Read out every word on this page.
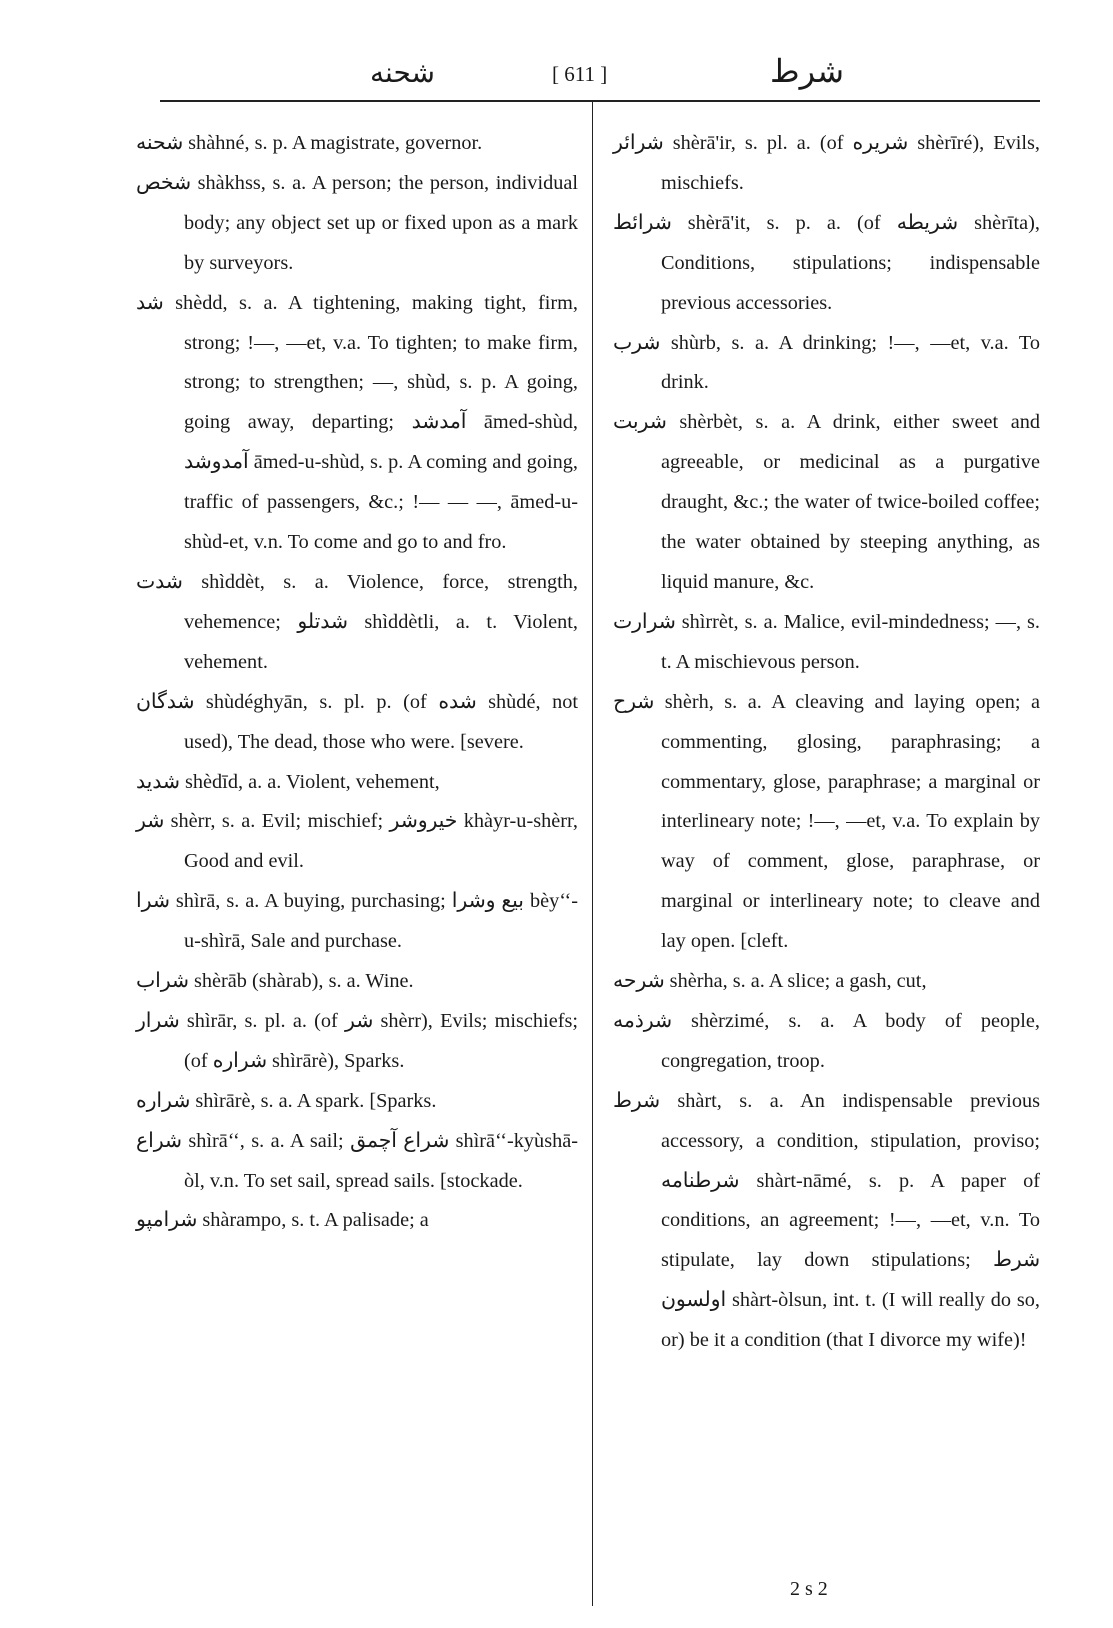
شحنه	[ 611 ]	شرط

شحنه shàhné, s. p. A magistrate, governor.

شخص shàkhss, s. a. A person; the person, individual body; any object set up or fixed upon as a mark by surveyors.

شد shèdd, s. a. A tightening, making tight, firm, strong; !—, —et, v.a. To tighten; to make firm, strong; to strengthen; —, shùd, s. p. A going, going away, departing; آمدشد āmed-shùd, آمدوشد āmed-u-shùd, s. p. A coming and going, traffic of passengers, &c.; !— — —, āmed-u-shùd-et, v.n. To come and go to and fro.

شدت shìddèt, s. a. Violence, force, strength, vehemence; شدتلو shìddètli, a. t. Violent, vehement.

شدگان shùdéghyān, s. pl. p. (of شده shùdé, not used), The dead, those who were. [severe.

شدید shèdīd, a. a. Violent, vehement,

شر shèrr, s. a. Evil; mischief; خیروشر khàyr-u-shèrr, Good and evil.

شرا shìrā, s. a. A buying, purchasing; بیع وشرا bèy‘‘-u-shìrā, Sale and purchase.

شراب shèrāb (shàrab), s. a. Wine.

شرار shìrār, s. pl. a. (of شر shèrr), Evils; mischiefs; (of شراره shìrārè), Sparks.

شراره shìrārè, s. a. A spark. [Sparks.

شراع shìrā‘‘, s. a. A sail; شراع آچمق shìrā‘‘-kyùshā-òl, v.n. To set sail, spread sails. [stockade.

شرامپو shàrampo, s. t. A palisade; a

شرائر shèrā'ir, s. pl. a. (of شریره shèrīré), Evils, mischiefs.

شرائط shèrā'it, s. p. a. (of شریطه shèrīta), Conditions, stipulations; indispensable previous accessories.

شرب shùrb, s. a. A drinking; !—, —et, v.a. To drink.

شربت shèrbèt, s. a. A drink, either sweet and agreeable, or medicinal as a purgative draught, &c.; the water of twice-boiled coffee; the water obtained by steeping anything, as liquid manure, &c.

شرارت shìrrèt, s. a. Malice, evil-mindedness; —, s. t. A mischievous person.

شرح shèrh, s. a. A cleaving and laying open; a commenting, glosing, paraphrasing; a commentary, glose, paraphrase; a marginal or interlineary note; !—, —et, v.a. To explain by way of comment, glose, paraphrase, or marginal or interlineary note; to cleave and lay open. [cleft.

شرحه shèrha, s. a. A slice; a gash, cut,

شرذمه shèrzimé, s. a. A body of people, congregation, troop.

شرط shàrt, s. a. An indispensable previous accessory, a condition, stipulation, proviso; شرطنامه shàrt-nāmé, s. p. A paper of conditions, an agreement; !—, —et, v.n. To stipulate, lay down stipulations; شرط اولسون shàrt-òlsun, int. t. (I will really do so, or) be it a condition (that I divorce my wife)!

2 s 2
